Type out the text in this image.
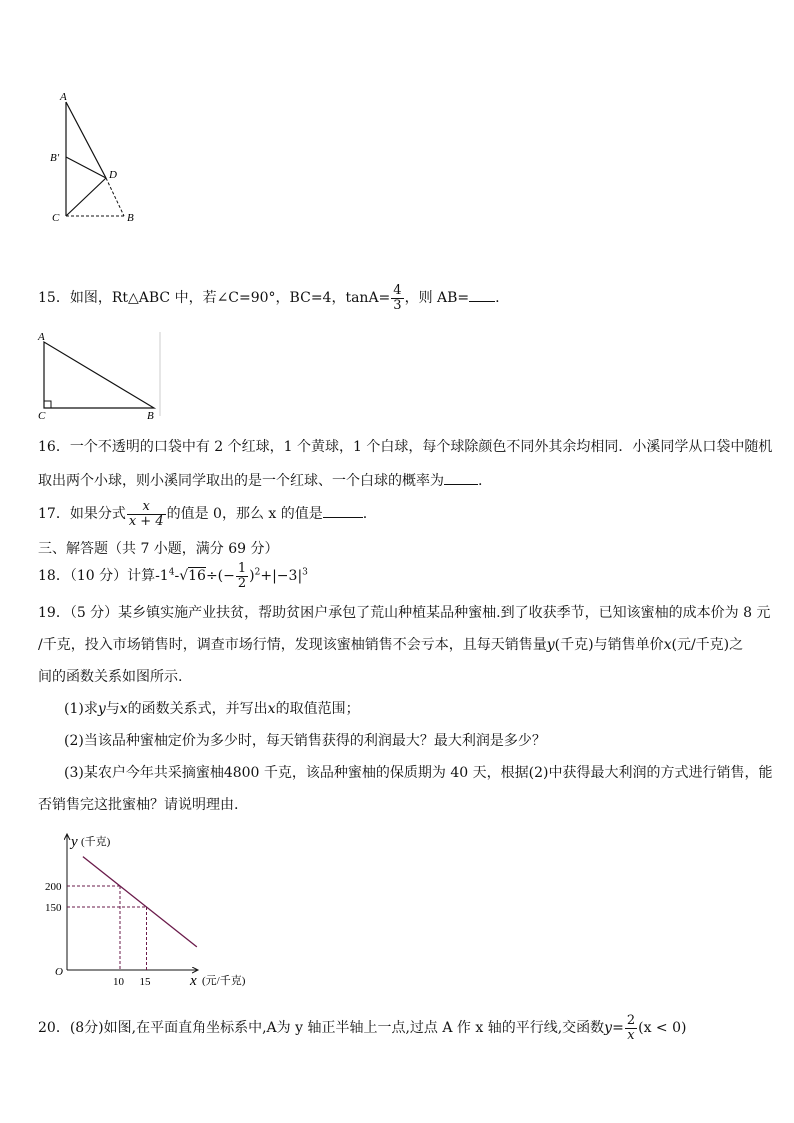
A
B′
D
C	B
15．如图，Rt△ABC 中，若∠C=90°，BC=4，$\tan A= \frac{4}{3}$ ，则 AB= .
A
C	B
16．一个不透明的口袋中有 2 个红球，1 个黄球，1 个白球，每个球除颜色不同外其余均相同．小溪同学从口袋中随机
取出两个小球，则小溪同学取出的是一个红球、一个白球的概率为 .
17．如果分式 $\frac{x}{x + 4}$ 的值是 0，那么 x 的值是	.
三、解答题（共 7 小题，满分 69 分）
18．（10 分）计算$-1^4-√16\div(- \frac{1}{2} )^2+|-3|^3$
19．（5 分）某乡镇实施产业扶贫，帮助贫困户承包了荒山种植某品种蜜柚.到了收获季节，已知该蜜柚的成本价为 8 元
/千克，投入市场销售时，调查市场行情，发现该蜜柚销售不会亏本，且每天销售量y(千克)与销售单价x(元/千克)之
间的函数关系如图所示.
(1)求y与x的函数关系式，并写出x的取值范围；
(2)当该品种蜜柚定价为多少时，每天销售获得的利润最大？最大利润是多少？
(3)某农户今年共采摘蜜柚4800 千克，该品种蜜柚的保质期为 40 天，根据(2)中获得最大利润的方式进行销售，能
否销售完这批蜜柚？请说明理由.
y (千克)
x (元/千克)
O
10
200
15
150
20．(8分)如图,在平面直角坐标系中,A为 y 轴正半轴上一点,过点 A 作 x 轴的平行线,交函数$y= \frac{2}{x} (x < 0)$
